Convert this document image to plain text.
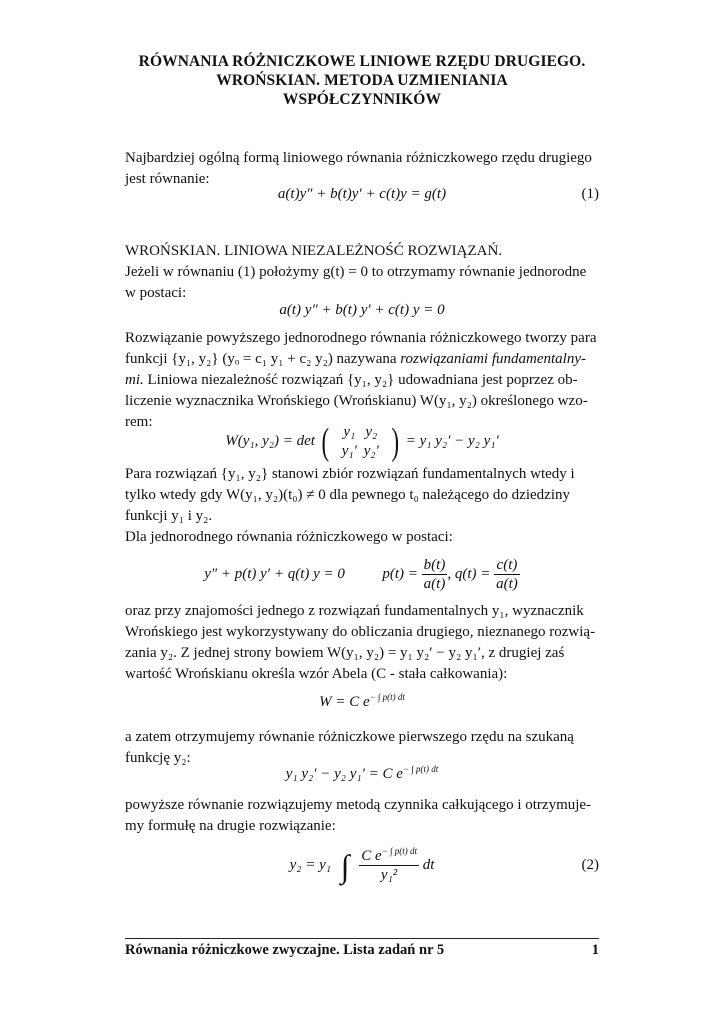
RÓWNANIA RÓŻNICZKOWE LINIOWE RZĘDU DRUGIEGO.
WROŃSKIAN. METODA UZMIENIANIA
WSPÓŁCZYNNIKÓW
Najbardziej ogólną formą liniowego równania różniczkowego rzędu drugiego
jest równanie:
a(t)y″ + b(t)y′ + c(t)y = g(t)	(1)
WROŃSKIAN. LINIOWA NIEZALEŻNOŚĆ ROZWIĄZAŃ.
Jeżeli w równaniu (1) położymy g(t) = 0 to otrzymamy równanie jednorodne
w postaci:
a(t) y″ + b(t) y′ + c(t) y = 0
Rozwiązanie powyższego jednorodnego równania różniczkowego tworzy para
funkcji {y₁, y₂} (yₒ = c₁ y₁ + c₂ y₂) nazywana rozwiązaniami fundamentalny-
mi. Liniowa niezależność rozwiązań {y₁, y₂} udowadniana jest poprzez ob-
liczenie wyznacznika Wrońskiego (Wrońskianu) W(y₁, y₂) określonego wzo-
rem:
W(y₁, y₂) = det ( y₁ y₂
y₁′ y₂′ ) = y₁ y₂′ − y₂ y₁′
Para rozwiązań {y₁, y₂} stanowi zbiór rozwiązań fundamentalnych wtedy i
tylko wtedy gdy W(y₁, y₂)(t₀) ≠ 0 dla pewnego t₀ należącego do dziedziny
funkcji y₁ i y₂.
Dla jednorodnego równania różniczkowego w postaci:
y″ + p(t) y′ + q(t) y = 0	$p(t) = \frac{b(t)}{a(t)}$ , $q(t) = \frac{c(t)}{a(t)}$
oraz przy znajomości jednego z rozwiązań fundamentalnych y₁, wyznacznik
Wrońskiego jest wykorzystywany do obliczania drugiego, nieznanego rozwią-
zania y₂. Z jednej strony bowiem W(y₁, y₂) = y₁ y₂′ − y₂ y₁′, z drugiej zaś
wartość Wrońskianu określa wzór Abela (C - stała całkowania):
W = C $e^{- \int p(t) dt}$
a zatem otrzymujemy równanie różniczkowe pierwszego rzędu na szukaną
funkcję y₂:
y₁ y₂′ − y₂ y₁′ = C $e^{- \int p(t) dt}$
powyższe równanie rozwiązujemy metodą czynnika całkującego i otrzymuje-
my formułę na drugie rozwiązanie:
y₂ = y₁ ∫ $\frac{C e^{- \int p(t) dt}}{\text{y₁²}}$ dt	(2)
Równania różniczkowe zwyczajne. Lista zadań nr 5	1
